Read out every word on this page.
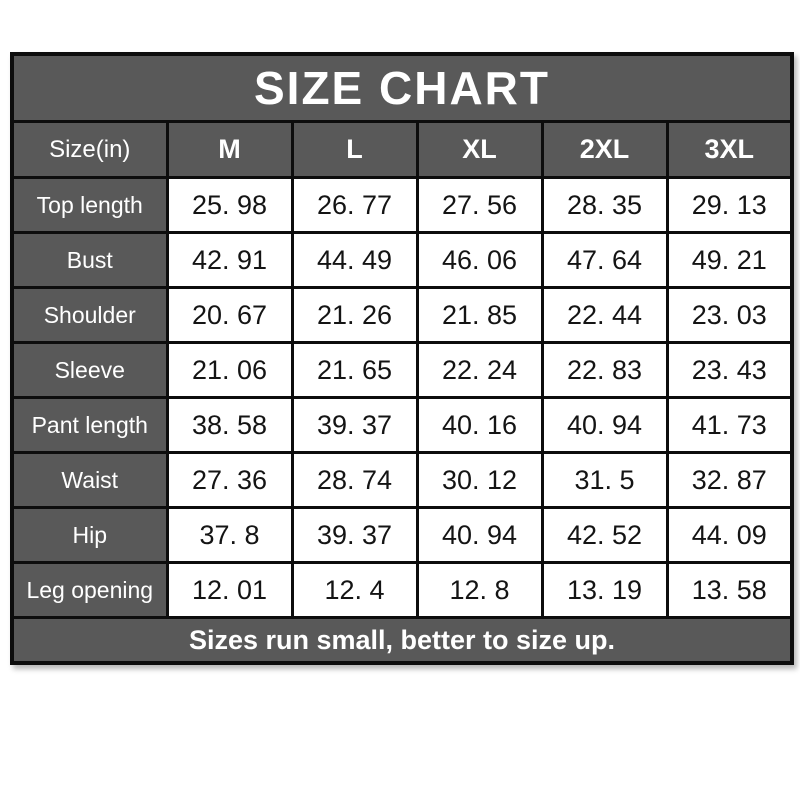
SIZE CHART					
Size(in)	M	L	XL	2XL	3XL
Top length	25. 98	26. 77	27. 56	28. 35	29. 13
Bust	42. 91	44. 49	46. 06	47. 64	49. 21
Shoulder	20. 67	21. 26	21. 85	22. 44	23. 03
Sleeve	21. 06	21. 65	22. 24	22. 83	23. 43
Pant length	38. 58	39. 37	40. 16	40. 94	41. 73
Waist	27. 36	28. 74	30. 12	31. 5	32. 87
Hip	37. 8	39. 37	40. 94	42. 52	44. 09
Leg opening	12. 01	12. 4	12. 8	13. 19	13. 58
Sizes run small, better to size up.					
